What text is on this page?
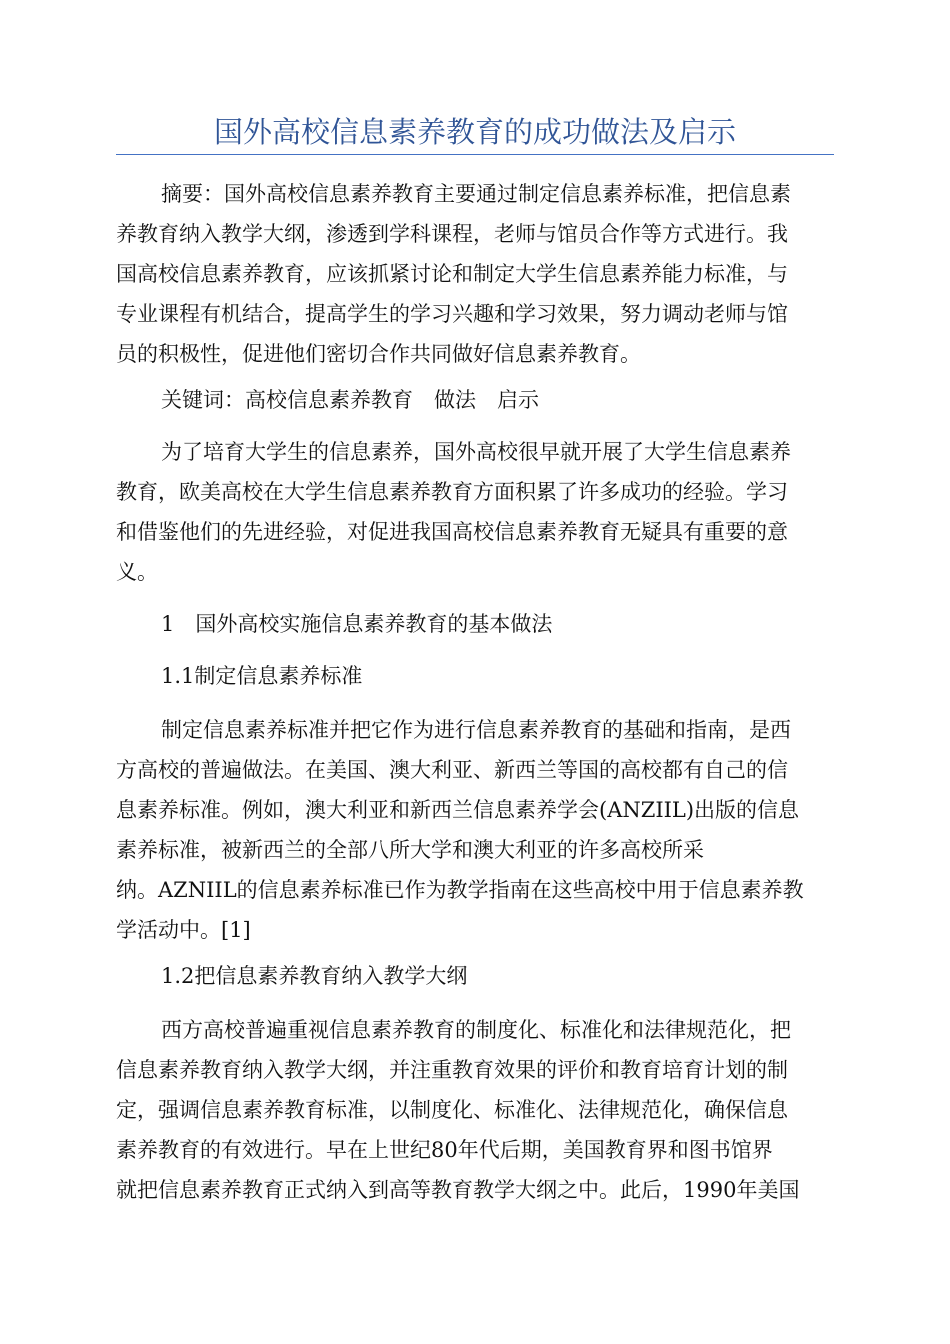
国外高校信息素养教育的成功做法及启示
摘要：国外高校信息素养教育主要通过制定信息素养标准，把信息素
养教育纳入教学大纲，渗透到学科课程，老师与馆员合作等方式进行。我
国高校信息素养教育，应该抓紧讨论和制定大学生信息素养能力标准，与
专业课程有机结合，提高学生的学习兴趣和学习效果，努力调动老师与馆
员的积极性，促进他们密切合作共同做好信息素养教育。
关键词：高校信息素养教育　做法　启示
为了培育大学生的信息素养，国外高校很早就开展了大学生信息素养
教育，欧美高校在大学生信息素养教育方面积累了许多成功的经验。学习
和借鉴他们的先进经验，对促进我国高校信息素养教育无疑具有重要的意
义。
1　国外高校实施信息素养教育的基本做法
1.1制定信息素养标准
制定信息素养标准并把它作为进行信息素养教育的基础和指南，是西
方高校的普遍做法。在美国、澳大利亚、新西兰等国的高校都有自己的信
息素养标准。例如，澳大利亚和新西兰信息素养学会(ANZIIL)出版的信息
素养标准，被新西兰的全部八所大学和澳大利亚的许多高校所采
纳。AZNIIL的信息素养标准已作为教学指南在这些高校中用于信息素养教
学活动中。[1]
1.2把信息素养教育纳入教学大纲
西方高校普遍重视信息素养教育的制度化、标准化和法律规范化，把
信息素养教育纳入教学大纲，并注重教育效果的评价和教育培育计划的制
定，强调信息素养教育标准，以制度化、标准化、法律规范化，确保信息
素养教育的有效进行。早在上世纪80年代后期，美国教育界和图书馆界
就把信息素养教育正式纳入到高等教育教学大纲之中。此后，1990年美国
